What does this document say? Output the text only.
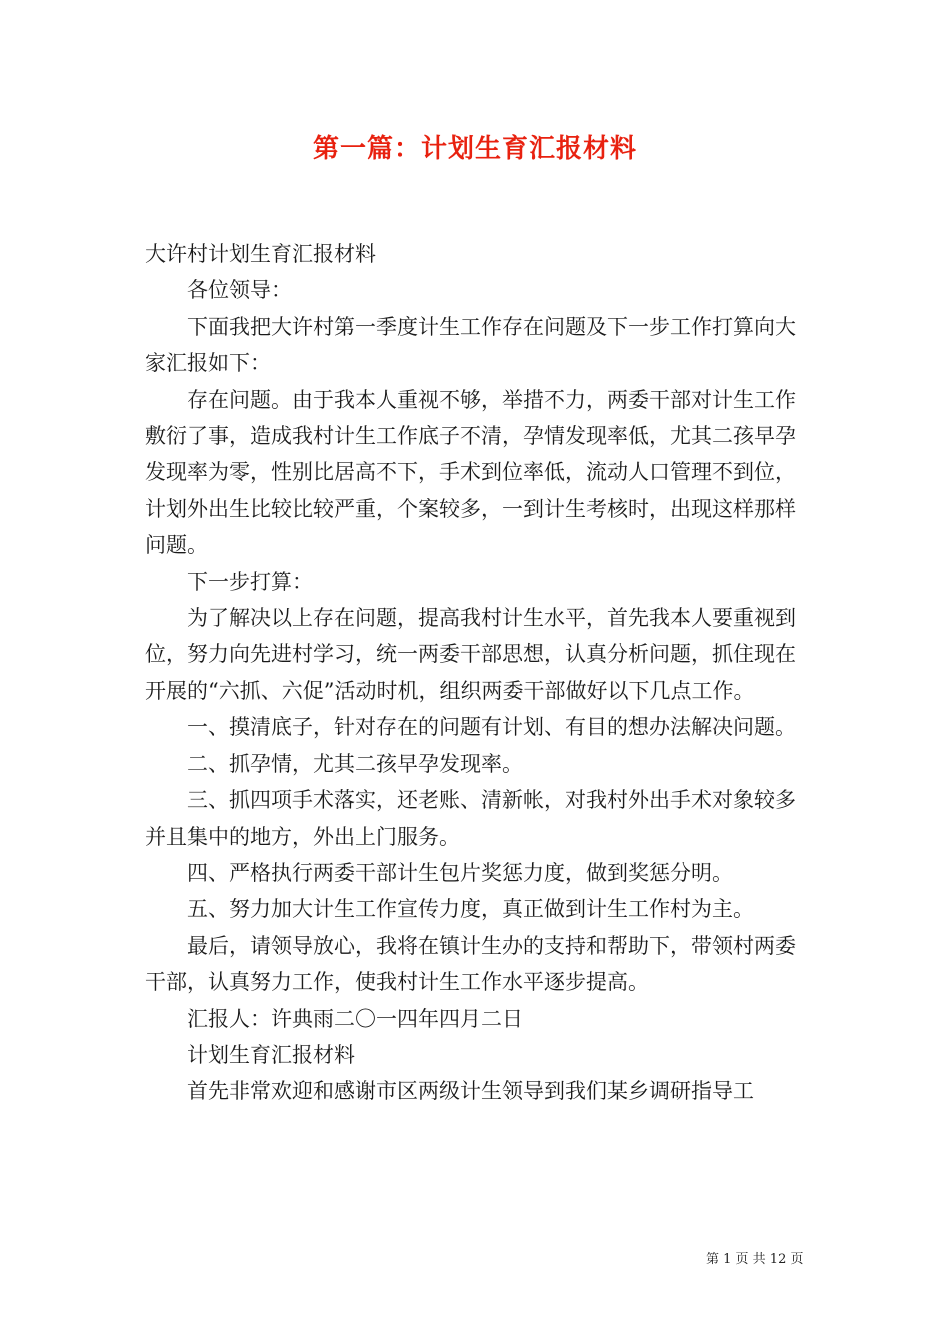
第一篇：计划生育汇报材料

大许村计划生育汇报材料

各位领导：

下面我把大许村第一季度计生工作存在问题及下一步工作打算向大家汇报如下：

存在问题。由于我本人重视不够，举措不力，两委干部对计生工作敷衍了事，造成我村计生工作底子不清，孕情发现率低，尤其二孩早孕发现率为零，性别比居高不下，手术到位率低，流动人口管理不到位，计划外出生比较比较严重，个案较多，一到计生考核时，出现这样那样问题。

下一步打算：

为了解决以上存在问题，提高我村计生水平，首先我本人要重视到位，努力向先进村学习，统一两委干部思想，认真分析问题，抓住现在开展的“六抓、六促”活动时机，组织两委干部做好以下几点工作。

一、摸清底子，针对存在的问题有计划、有目的想办法解决问题。

二、抓孕情，尤其二孩早孕发现率。

三、抓四项手术落实，还老账、清新帐，对我村外出手术对象较多并且集中的地方，外出上门服务。

四、严格执行两委干部计生包片奖惩力度，做到奖惩分明。

五、努力加大计生工作宣传力度，真正做到计生工作村为主。

最后，请领导放心，我将在镇计生办的支持和帮助下，带领村两委干部，认真努力工作，使我村计生工作水平逐步提高。

汇报人：许典雨二〇一四年四月二日

计划生育汇报材料

首先非常欢迎和感谢市区两级计生领导到我们某乡调研指导工

第 1 页 共 12 页
